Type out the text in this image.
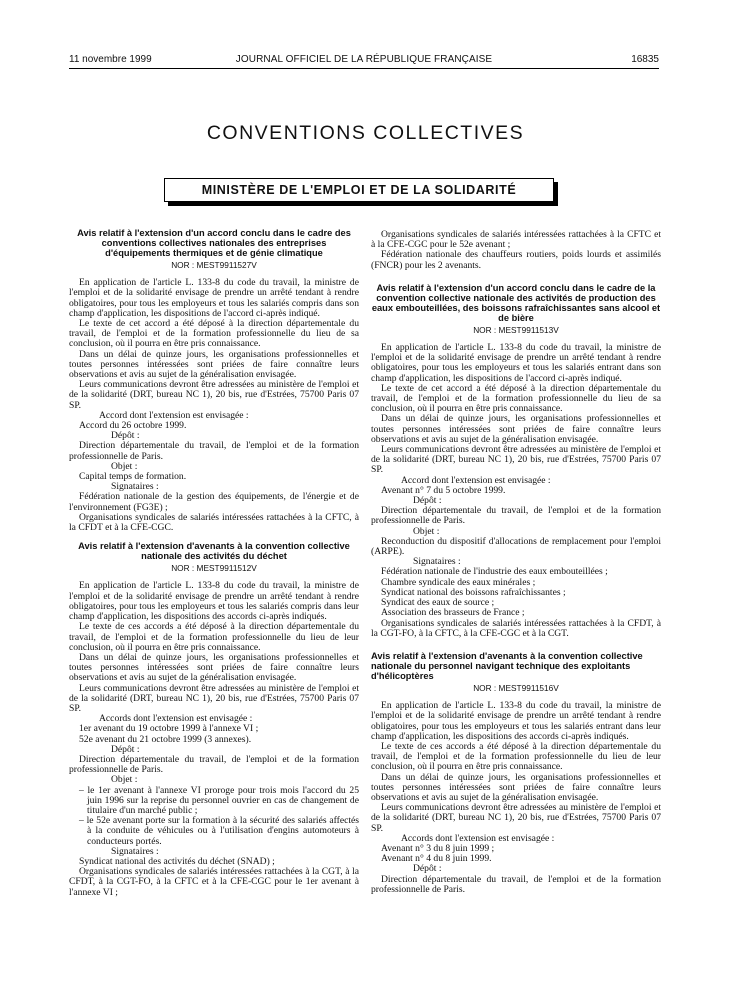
11 novembre 1999	JOURNAL OFFICIEL DE LA RÉPUBLIQUE FRANÇAISE	16835
CONVENTIONS COLLECTIVES
MINISTÈRE DE L'EMPLOI ET DE LA SOLIDARITÉ

Avis relatif à l'extension d'un accord conclu dans le cadre des conventions collectives nationales des entreprises d'équipements thermiques et de génie climatique

NOR : MEST9911527V

En application de l'article L. 133-8 du code du travail, la ministre de l'emploi et de la solidarité envisage de prendre un arrêté tendant à rendre obligatoires, pour tous les employeurs et tous les salariés compris dans son champ d'application, les dispositions de l'accord ci-après indiqué.

Le texte de cet accord a été déposé à la direction départementale du travail, de l'emploi et de la formation professionnelle du lieu de sa conclusion, où il pourra en être pris connaissance.

Dans un délai de quinze jours, les organisations professionnelles et toutes personnes intéressées sont priées de faire connaître leurs observations et avis au sujet de la généralisation envisagée.

Leurs communications devront être adressées au ministère de l'emploi et de la solidarité (DRT, bureau NC 1), 20 bis, rue d'Estrées, 75700 Paris 07 SP.

Accord dont l'extension est envisagée :

Accord du 26 octobre 1999.

Dépôt :

Direction départementale du travail, de l'emploi et de la formation professionnelle de Paris.

Objet :

Capital temps de formation.

Signataires :

Fédération nationale de la gestion des équipements, de l'énergie et de l'environnement (FG3E) ;

Organisations syndicales de salariés intéressées rattachées à la CFTC, à la CFDT et à la CFE-CGC.

Avis relatif à l'extension d'avenants à la convention collective nationale des activités du déchet

NOR : MEST9911512V

En application de l'article L. 133-8 du code du travail, la ministre de l'emploi et de la solidarité envisage de prendre un arrêté tendant à rendre obligatoires, pour tous les employeurs et tous les salariés compris dans leur champ d'application, les dispositions des accords ci-après indiqués.

Le texte de ces accords a été déposé à la direction départementale du travail, de l'emploi et de la formation professionnelle du lieu de leur conclusion, où il pourra en être pris connaissance.

Dans un délai de quinze jours, les organisations professionnelles et toutes personnes intéressées sont priées de faire connaître leurs observations et avis au sujet de la généralisation envisagée.

Leurs communications devront être adressées au ministère de l'emploi et de la solidarité (DRT, bureau NC 1), 20 bis, rue d'Estrées, 75700 Paris 07 SP.

Accords dont l'extension est envisagée :

1er avenant du 19 octobre 1999 à l'annexe VI ;

52e avenant du 21 octobre 1999 (3 annexes).

Dépôt :

Direction départementale du travail, de l'emploi et de la formation professionnelle de Paris.

Objet :

– le 1er avenant à l'annexe VI proroge pour trois mois l'accord du 25 juin 1996 sur la reprise du personnel ouvrier en cas de changement de titulaire d'un marché public ;

– le 52e avenant porte sur la formation à la sécurité des salariés affectés à la conduite de véhicules ou à l'utilisation d'engins automoteurs à conducteurs portés.

Signataires :

Syndicat national des activités du déchet (SNAD) ;

Organisations syndicales de salariés intéressées rattachées à la CGT, à la CFDT, à la CGT-FO, à la CFTC et à la CFE-CGC pour le 1er avenant à l'annexe VI ;

Organisations syndicales de salariés intéressées rattachées à la CFTC et à la CFE-CGC pour le 52e avenant ;

Fédération nationale des chauffeurs routiers, poids lourds et assimilés (FNCR) pour les 2 avenants.

Avis relatif à l'extension d'un accord conclu dans le cadre de la convention collective nationale des activités de production des eaux embouteillées, des boissons rafraîchissantes sans alcool et de bière

NOR : MEST9911513V

En application de l'article L. 133-8 du code du travail, la ministre de l'emploi et de la solidarité envisage de prendre un arrêté tendant à rendre obligatoires, pour tous les employeurs et tous les salariés entrant dans son champ d'application, les dispositions de l'accord ci-après indiqué.

Le texte de cet accord a été déposé à la direction départementale du travail, de l'emploi et de la formation professionnelle du lieu de sa conclusion, où il pourra en être pris connaissance.

Dans un délai de quinze jours, les organisations professionnelles et toutes personnes intéressées sont priées de faire connaître leurs observations et avis au sujet de la généralisation envisagée.

Leurs communications devront être adressées au ministère de l'emploi et de la solidarité (DRT, bureau NC 1), 20 bis, rue d'Estrées, 75700 Paris 07 SP.

Accord dont l'extension est envisagée :

Avenant n° 7 du 5 octobre 1999.

Dépôt :

Direction départementale du travail, de l'emploi et de la formation professionnelle de Paris.

Objet :

Reconduction du dispositif d'allocations de remplacement pour l'emploi (ARPE).

Signataires :

Fédération nationale de l'industrie des eaux embouteillées ;

Chambre syndicale des eaux minérales ;

Syndicat national des boissons rafraîchissantes ;

Syndicat des eaux de source ;

Association des brasseurs de France ;

Organisations syndicales de salariés intéressées rattachées à la CFDT, à la CGT-FO, à la CFTC, à la CFE-CGC et à la CGT.

Avis relatif à l'extension d'avenants à la convention collective nationale du personnel navigant technique des exploitants d'hélicoptères

NOR : MEST9911516V

En application de l'article L. 133-8 du code du travail, la ministre de l'emploi et de la solidarité envisage de prendre un arrêté tendant à rendre obligatoires, pour tous les employeurs et tous les salariés entrant dans leur champ d'application, les dispositions des accords ci-après indiqués.

Le texte de ces accords a été déposé à la direction départementale du travail, de l'emploi et de la formation professionnelle du lieu de leur conclusion, où il pourra en être pris connaissance.

Dans un délai de quinze jours, les organisations professionnelles et toutes personnes intéressées sont priées de faire connaître leurs observations et avis au sujet de la généralisation envisagée.

Leurs communications devront être adressées au ministère de l'emploi et de la solidarité (DRT, bureau NC 1), 20 bis, rue d'Estrées, 75700 Paris 07 SP.

Accords dont l'extension est envisagée :

Avenant n° 3 du 8 juin 1999 ;

Avenant n° 4 du 8 juin 1999.

Dépôt :

Direction départementale du travail, de l'emploi et de la formation professionnelle de Paris.
